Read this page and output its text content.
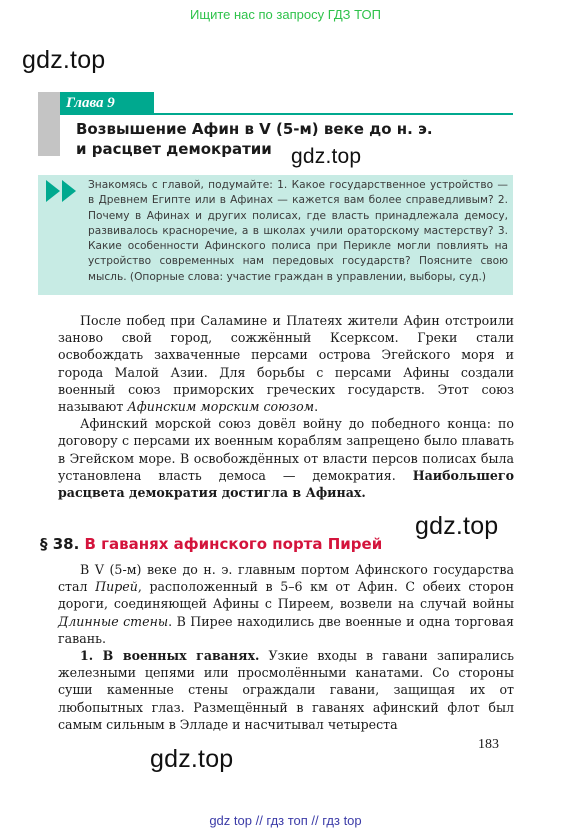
Ищите нас по запросу ГДЗ ТОП
gdz.top
gdz.top
gdz.top
gdz.top
Глава 9
Возвышение Афин в V (5-м) веке до н. э.
и расцвет демократии
Знакомясь с главой, подумайте: 1. Какое государственное устройство — в Древнем Египте или в Афинах — кажется вам более справедливым? 2. Почему в Афинах и других полисах, где власть принадлежала демосу, развивалось красноречие, а в школах учили ораторскому мастерству? 3. Какие особенности Афинского полиса при Перикле могли повлиять на устройство современных нам передовых государств? Поясните свою мысль. (Опорные слова: участие граждан в управлении, выборы, суд.)

После побед при Саламине и Платеях жители Афин отстроили заново свой город, сожжённый Ксерксом. Греки стали освобождать захваченные персами острова Эгейского моря и города Малой Азии. Для борьбы с персами Афины создали военный союз приморских греческих государств. Этот союз называют Афинским морским союзом.

Афинский морской союз довёл войну до победного конца: по договору с персами их военным кораблям запрещено было плавать в Эгейском море. В освобождённых от власти персов полисах была установлена власть демоса — демократия. Наибольшего расцвета демократия достигла в Афинах.

§ 38. В гаванях афинского порта Пирей

В V (5-м) веке до н. э. главным портом Афинского государства стал Пирей, расположенный в 5–6 км от Афин. С обеих сторон дороги, соединяющей Афины с Пиреем, возвели на случай войны Длинные стены. В Пирее находились две военные и одна торговая гавань.

1. В военных гаванях. Узкие входы в гавани запирались железными цепями или просмолёнными канатами. Со стороны суши каменные стены ограждали гавани, защищая их от любопытных глаз. Размещённый в гаванях афинский флот был самым сильным в Элладе и насчитывал четыреста

183
gdz top // гдз топ // гдз top
